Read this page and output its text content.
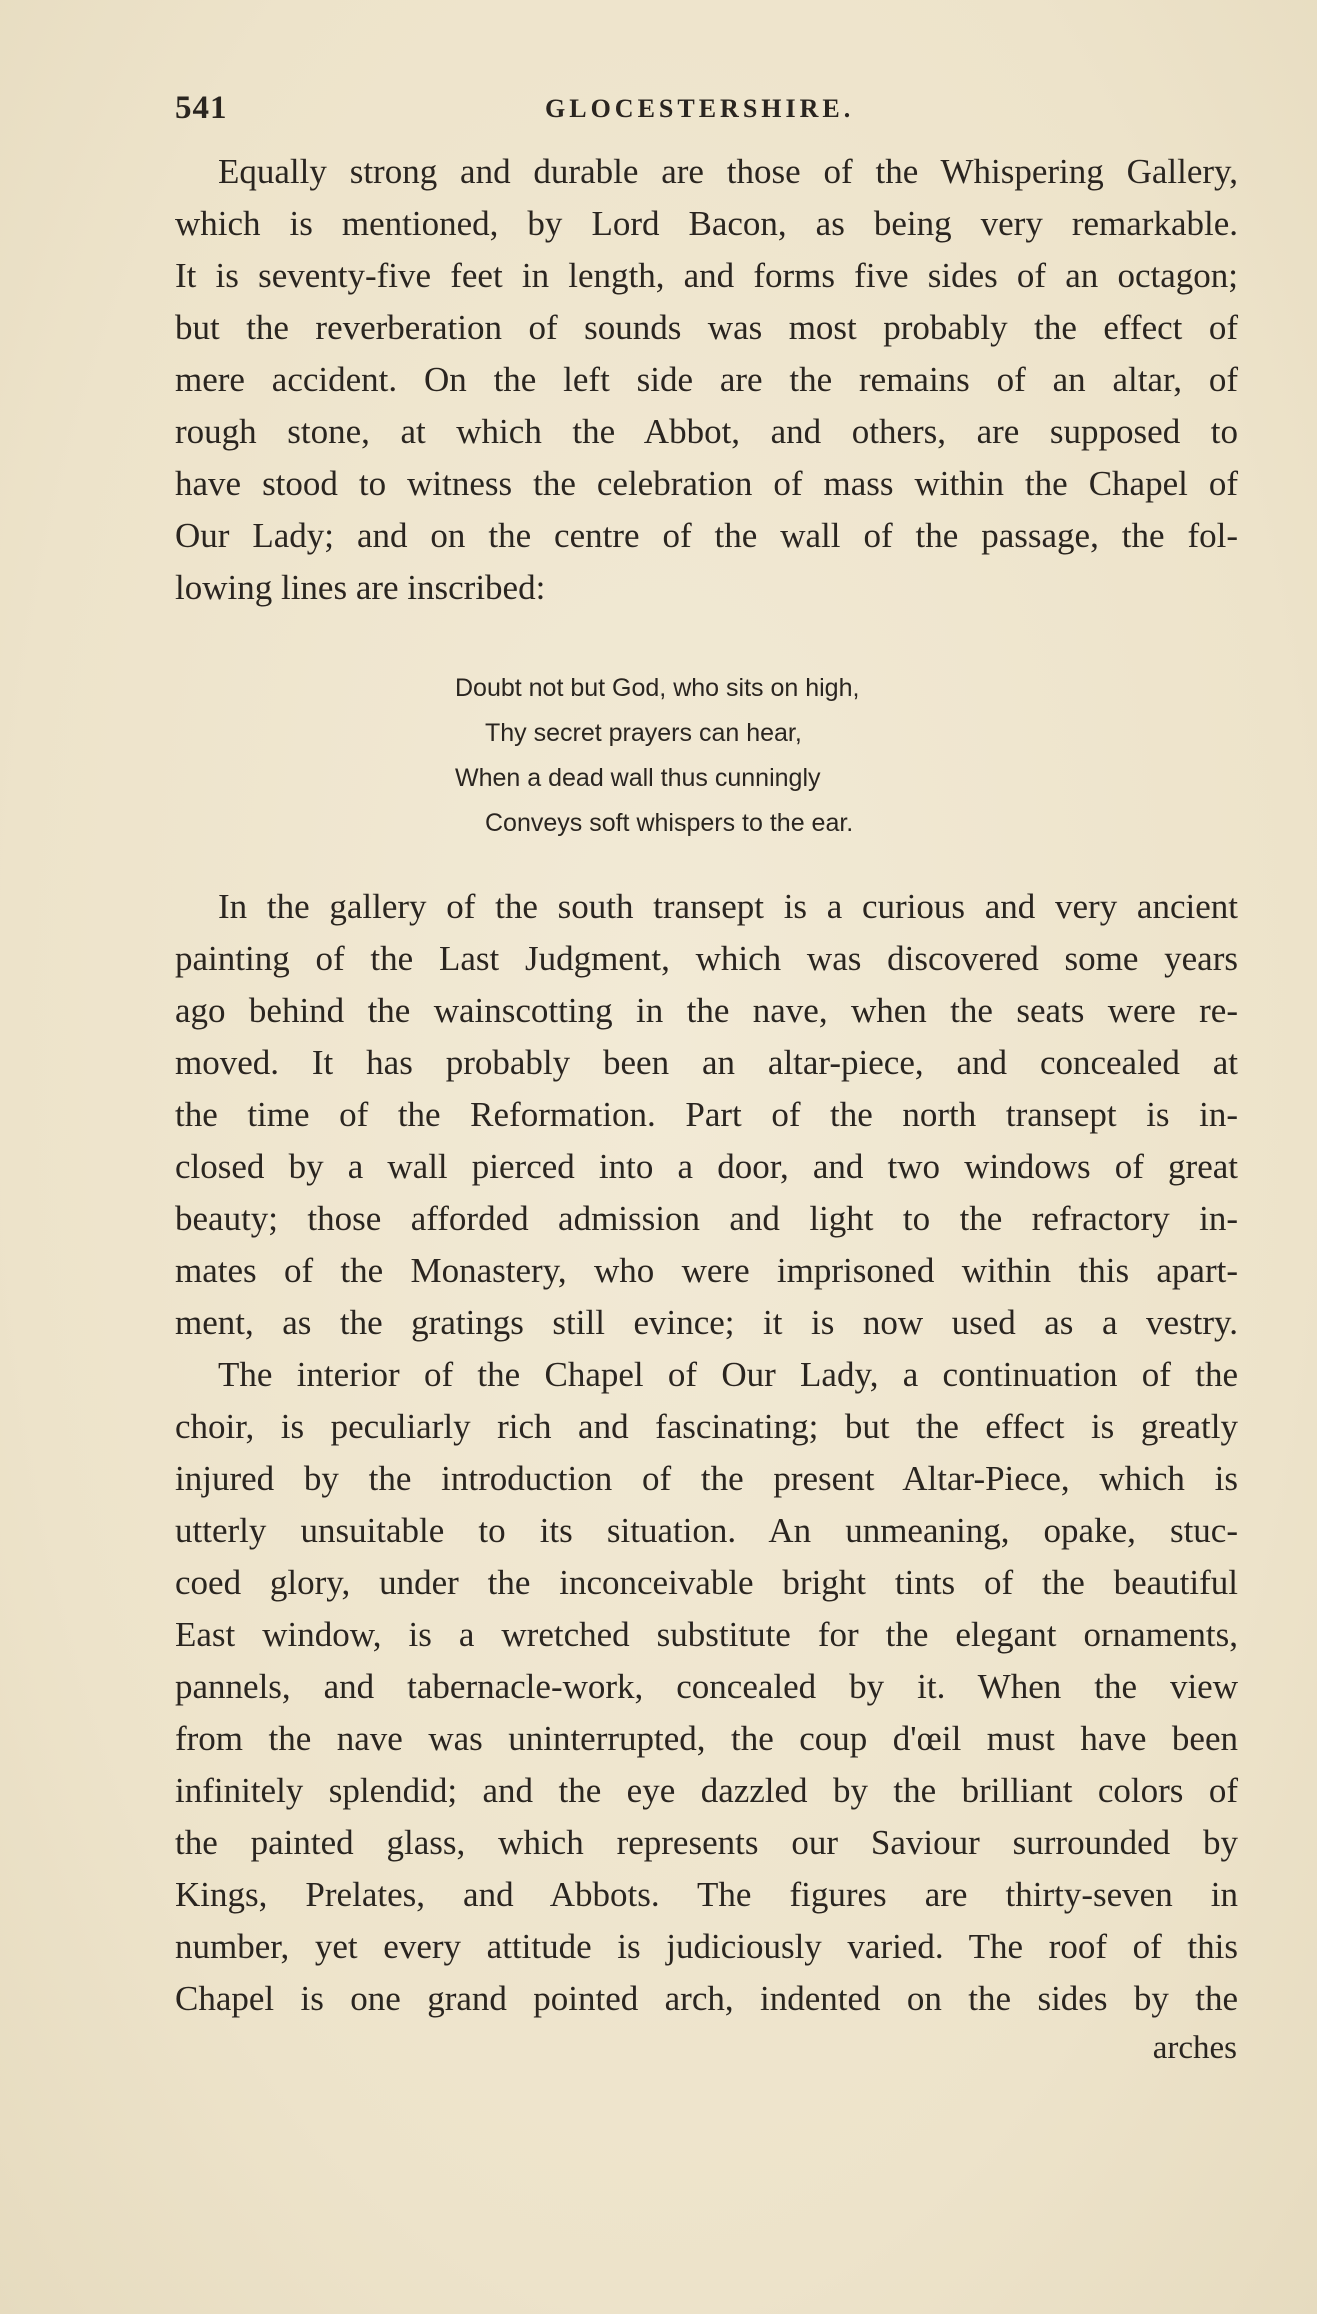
541	GLOCESTERSHIRE.
Equally strong and durable are those of the Whispering Gallery,
which is mentioned, by Lord Bacon, as being very remarkable.
It is seventy-five feet in length, and forms five sides of an octagon;
but the reverberation of sounds was most probably the effect of
mere accident. On the left side are the remains of an altar, of
rough stone, at which the Abbot, and others, are supposed to
have stood to witness the celebration of mass within the Chapel of
Our Lady; and on the centre of the wall of the passage, the fol-
lowing lines are inscribed:
Doubt not but God, who sits on high,
Thy secret prayers can hear,
When a dead wall thus cunningly
Conveys soft whispers to the ear.
In the gallery of the south transept is a curious and very ancient
painting of the Last Judgment, which was discovered some years
ago behind the wainscotting in the nave, when the seats were re-
moved. It has probably been an altar-piece, and concealed at
the time of the Reformation. Part of the north transept is in-
closed by a wall pierced into a door, and two windows of great
beauty; those afforded admission and light to the refractory in-
mates of the Monastery, who were imprisoned within this apart-
ment, as the gratings still evince; it is now used as a vestry.
The interior of the Chapel of Our Lady, a continuation of the
choir, is peculiarly rich and fascinating; but the effect is greatly
injured by the introduction of the present Altar-Piece, which is
utterly unsuitable to its situation. An unmeaning, opake, stuc-
coed glory, under the inconceivable bright tints of the beautiful
East window, is a wretched substitute for the elegant ornaments,
pannels, and tabernacle-work, concealed by it. When the view
from the nave was uninterrupted, the coup d'œil must have been
infinitely splendid; and the eye dazzled by the brilliant colors of
the painted glass, which represents our Saviour surrounded by
Kings, Prelates, and Abbots. The figures are thirty-seven in
number, yet every attitude is judiciously varied. The roof of this
Chapel is one grand pointed arch, indented on the sides by the
arches
